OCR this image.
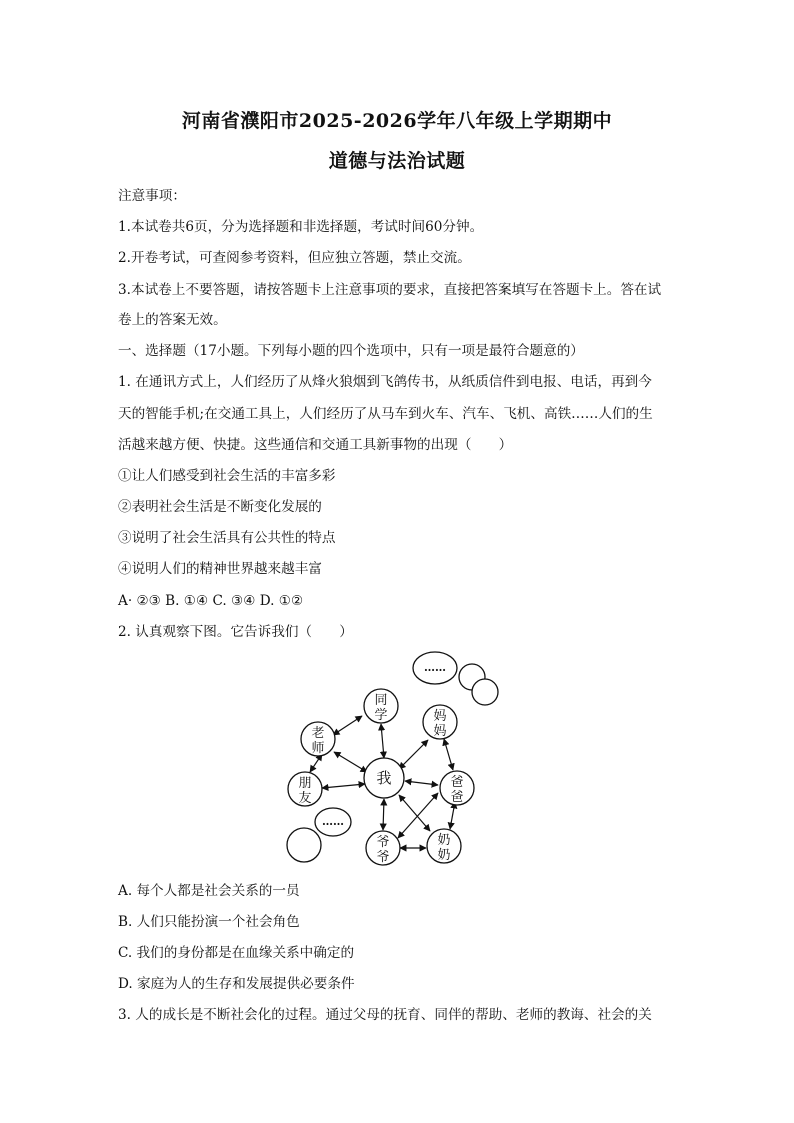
河南省濮阳市2025-2026学年八年级上学期期中
道德与法治试题
注意事项：
1.本试卷共6页，分为选择题和非选择题，考试时间60分钟。
2.开卷考试，可查阅参考资料，但应独立答题，禁止交流。
3.本试卷上不要答题，请按答题卡上注意事项的要求，直接把答案填写在答题卡上。答在试
卷上的答案无效。
一、选择题（17小题。下列每小题的四个选项中，只有一项是最符合题意的）
1. 在通讯方式上，人们经历了从烽火狼烟到飞鸽传书，从纸质信件到电报、电话，再到今
天的智能手机;在交通工具上，人们经历了从马车到火车、汽车、飞机、高铁……人们的生
活越来越方便、快捷。这些通信和交通工具新事物的出现（　　）
①让人们感受到社会生活的丰富多彩
②表明社会生活是不断变化发展的
③说明了社会生活具有公共性的特点
④说明人们的精神世界越来越丰富
A· ②③ B. ①④ C. ③④ D. ①②
2. 认真观察下图。它告诉我们（　　）
我
同
学
老
师
妈
妈
朋
友
爸
爸
爷
爷
奶
奶
……
……
A. 每个人都是社会关系的一员
B. 人们只能扮演一个社会角色
C. 我们的身份都是在血缘关系中确定的
D. 家庭为人的生存和发展提供必要条件
3. 人的成长是不断社会化的过程。通过父母的抚育、同伴的帮助、老师的教诲、社会的关
